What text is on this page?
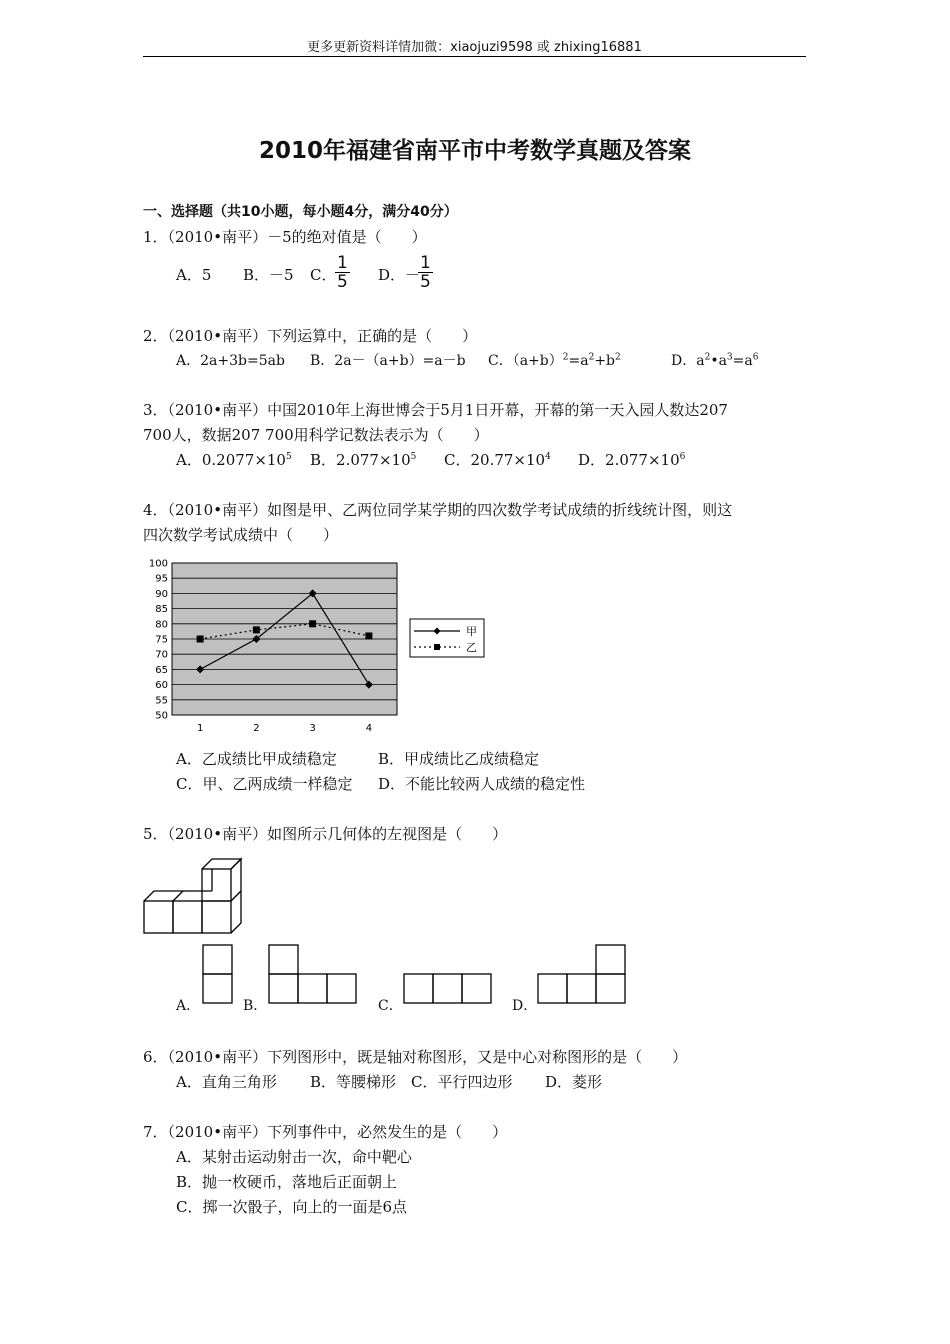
更多更新资料详情加微：xiaojuzi9598 或 zhixing16881
2010年福建省南平市中考数学真题及答案
一、选择题（共10小题，每小题4分，满分40分）
1．（2010•南平）－5的绝对值是（　　）
A．5 B．－5 C．
$\frac{1}{5}$ D．－
$\frac{1}{5}$
2．（2010•南平）下列运算中，正确的是（　　）
A．2a+3b=5ab B．2a－（a+b）=a－b C．$(a+b)^2=a^2+b^2$	D．$a^2•a^3=a^6$
3．（2010•南平）中国2010年上海世博会于5月1日开幕，开幕的第一天入园人数达207
700人，数据207 700用科学记数法表示为（　　）
A．$0.2077\times 10^5$ B．$2.077\times 10^5$ C．$20.77\times 10^4$ D．$2.077\times 10^6$
4．（2010•南平）如图是甲、乙两位同学某学期的四次数学考试成绩的折线统计图，则这
四次数学考试成绩中（　　）
50
55
60
65
70
75
80
85
90
95
100
1	2	3	4
甲
乙
A．乙成绩比甲成绩稳定	B．甲成绩比乙成绩稳定
C．甲、乙两成绩一样稳定 D．不能比较两人成绩的稳定性
5．（2010•南平）如图所示几何体的左视图是（　　）
A．	B．	C．	D．
6．（2010•南平）下列图形中，既是轴对称图形，又是中心对称图形的是（　　）
A．直角三角形 B．等腰梯形 C．平行四边形 D．菱形
7．（2010•南平）下列事件中，必然发生的是（　　）
A．某射击运动射击一次，命中靶心
B．抛一枚硬币，落地后正面朝上
C．掷一次骰子，向上的一面是6点
